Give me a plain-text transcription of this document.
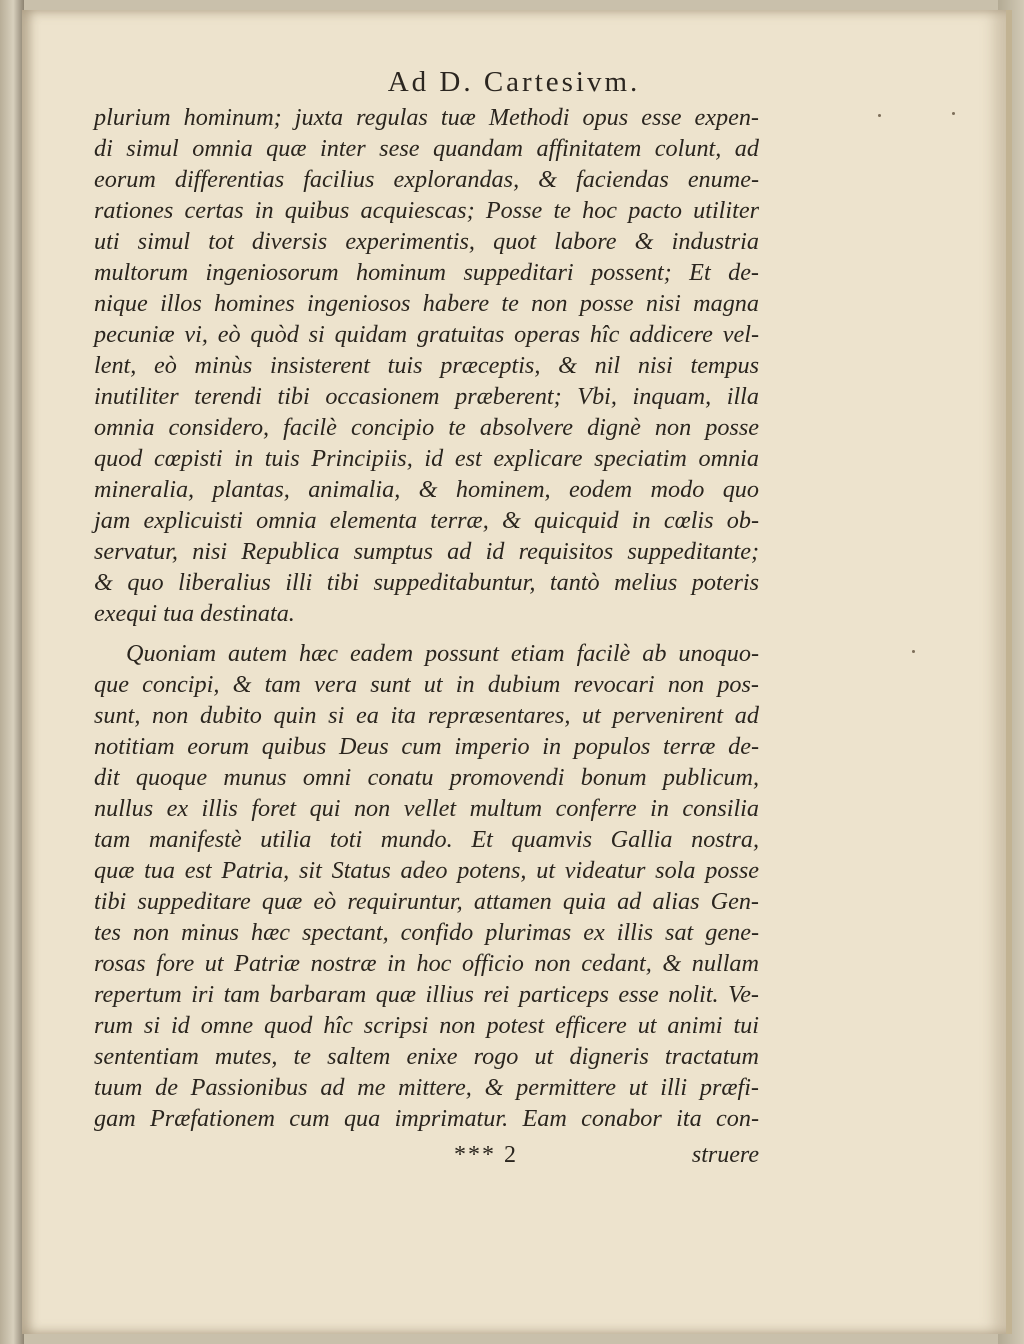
Ad D. Cartesivm.
plurium hominum; juxta regulas tuæ Methodi opus esse expen-
di simul omnia quæ inter sese quandam affinitatem colunt, ad
eorum differentias facilius explorandas, & faciendas enume-
rationes certas in quibus acquiescas; Posse te hoc pacto utiliter
uti simul tot diversis experimentis, quot labore & industria
multorum ingeniosorum hominum suppeditari possent; Et de-
nique illos homines ingeniosos habere te non posse nisi magna
pecuniæ vi, eò quòd si quidam gratuitas operas hîc addicere vel-
lent, eò minùs insisterent tuis præceptis, & nil nisi tempus
inutiliter terendi tibi occasionem præberent; Vbi, inquam, illa
omnia considero, facilè concipio te absolvere dignè non posse
quod cœpisti in tuis Principiis, id est explicare speciatim omnia
mineralia, plantas, animalia, & hominem, eodem modo quo
jam explicuisti omnia elementa terræ, & quicquid in cœlis ob-
servatur, nisi Republica sumptus ad id requisitos suppeditante;
& quo liberalius illi tibi suppeditabuntur, tantò melius poteris
exequi tua destinata.
Quoniam autem hæc eadem possunt etiam facilè ab unoquo-
que concipi, & tam vera sunt ut in dubium revocari non pos-
sunt, non dubito quin si ea ita repræsentares, ut pervenirent ad
notitiam eorum quibus Deus cum imperio in populos terræ de-
dit quoque munus omni conatu promovendi bonum publicum,
nullus ex illis foret qui non vellet multum conferre in consilia
tam manifestè utilia toti mundo. Et quamvis Gallia nostra,
quæ tua est Patria, sit Status adeo potens, ut videatur sola posse
tibi suppeditare quæ eò requiruntur, attamen quia ad alias Gen-
tes non minus hæc spectant, confido plurimas ex illis sat gene-
rosas fore ut Patriæ nostræ in hoc officio non cedant, & nullam
repertum iri tam barbaram quæ illius rei particeps esse nolit. Ve-
rum si id omne quod hîc scripsi non potest efficere ut animi tui
sententiam mutes, te saltem enixe rogo ut digneris tractatum
tuum de Passionibus ad me mittere, & permittere ut illi præfi-
gam Præfationem cum qua imprimatur. Eam conabor ita con-
*** 2	struere
